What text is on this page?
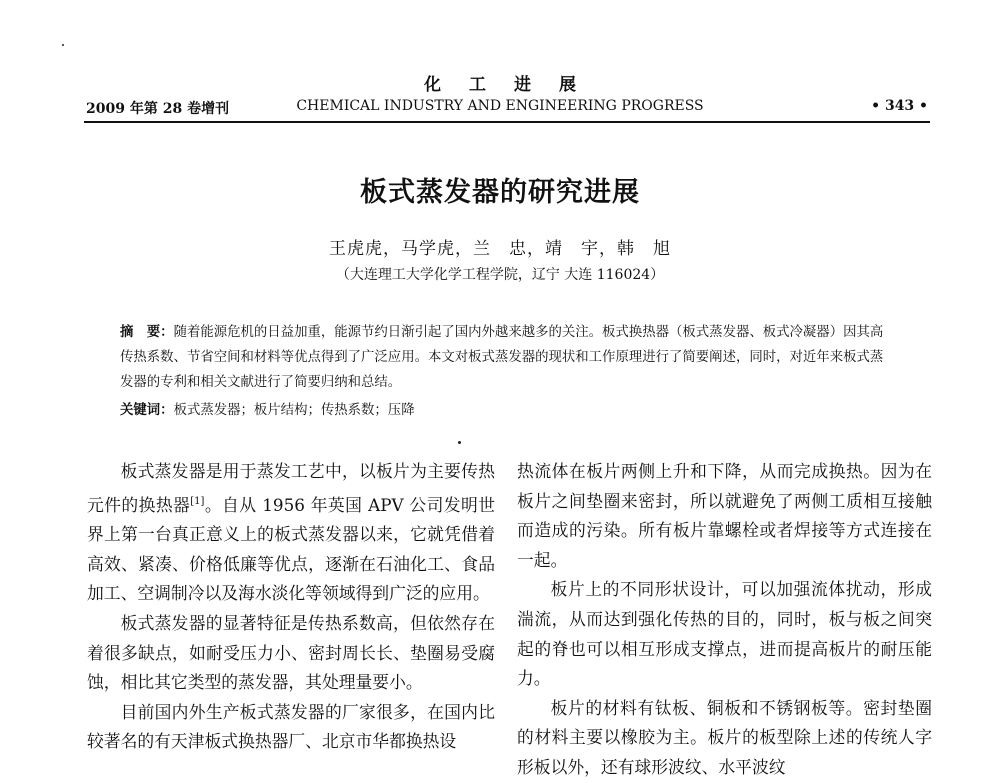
化工进展
2009 年第 28 卷增刊	CHEMICAL INDUSTRY AND ENGINEERING PROGRESS	• 343 •
板式蒸发器的研究进展
王虎虎，马学虎，兰　忠，靖　宇，韩　旭
（大连理工大学化学工程学院，辽宁 大连 116024）
摘　要：随着能源危机的日益加重，能源节约日渐引起了国内外越来越多的关注。板式换热器（板式蒸发器、板式冷凝器）因其高传热系数、节省空间和材料等优点得到了广泛应用。本文对板式蒸发器的现状和工作原理进行了简要阐述，同时，对近年来板式蒸发器的专利和相关文献进行了简要归纳和总结。
关键词：板式蒸发器；板片结构；传热系数；压降

板式蒸发器是用于蒸发工艺中，以板片为主要传热元件的换热器[1]。自从 1956 年英国 APV 公司发明世界上第一台真正意义上的板式蒸发器以来，它就凭借着高效、紧凑、价格低廉等优点，逐渐在石油化工、食品加工、空调制冷以及海水淡化等领域得到广泛的应用。

板式蒸发器的显著特征是传热系数高，但依然存在着很多缺点，如耐受压力小、密封周长长、垫圈易受腐蚀，相比其它类型的蒸发器，其处理量要小。

目前国内外生产板式蒸发器的厂家很多，在国内比较著名的有天津板式换热器厂、北京市华都换热设

热流体在板片两侧上升和下降，从而完成换热。因为在板片之间垫圈来密封，所以就避免了两侧工质相互接触而造成的污染。所有板片靠螺栓或者焊接等方式连接在一起。

板片上的不同形状设计，可以加强流体扰动，形成湍流，从而达到强化传热的目的，同时，板与板之间突起的脊也可以相互形成支撑点，进而提高板片的耐压能力。

板片的材料有钛板、铜板和不锈钢板等。密封垫圈的材料主要以橡胶为主。板片的板型除上述的传统人字形板以外，还有球形波纹、水平波纹
